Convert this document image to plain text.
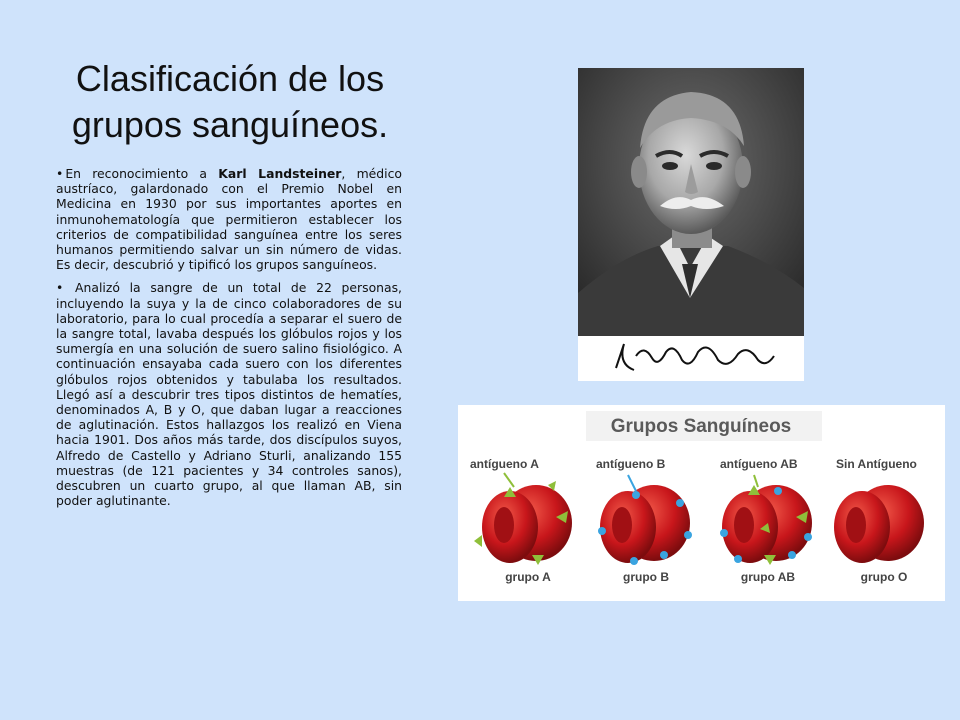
Clasificación de los
grupos sanguíneos.

• En reconocimiento a Karl Landsteiner, médico austríaco, galardonado con el Premio Nobel en Medicina en 1930 por sus importantes aportes en inmunohematología que permitieron establecer los criterios de compatibilidad sanguínea entre los seres humanos permitiendo salvar un sin número de vidas. Es decir, descubrió y tipificó los grupos sanguíneos.

• Analizó la sangre de un total de 22 personas, incluyendo la suya y la de cinco colaboradores de su laboratorio, para lo cual procedía a separar el suero de la sangre total, lavaba después los glóbulos rojos y los sumergía en una solución de suero salino fisiológico. A continuación ensayaba cada suero con los diferentes glóbulos rojos obtenidos y tabulaba los resultados. Llegó así a descubrir tres tipos distintos de hematíes, denominados A, B y O, que daban lugar a reacciones de aglutinación. Estos hallazgos los realizó en Viena hacia 1901. Dos años más tarde, dos discípulos suyos, Alfredo de Castello y Adriano Sturli, analizando 155 muestras (de 121 pacientes y 34 controles sanos), descubren un cuarto grupo, al que llaman AB, sin poder aglutinante.

Grupos Sanguíneos
antígueno A	antígueno B	antígueno AB	Sin Antígueno
grupo A	grupo B	grupo AB	grupo O
